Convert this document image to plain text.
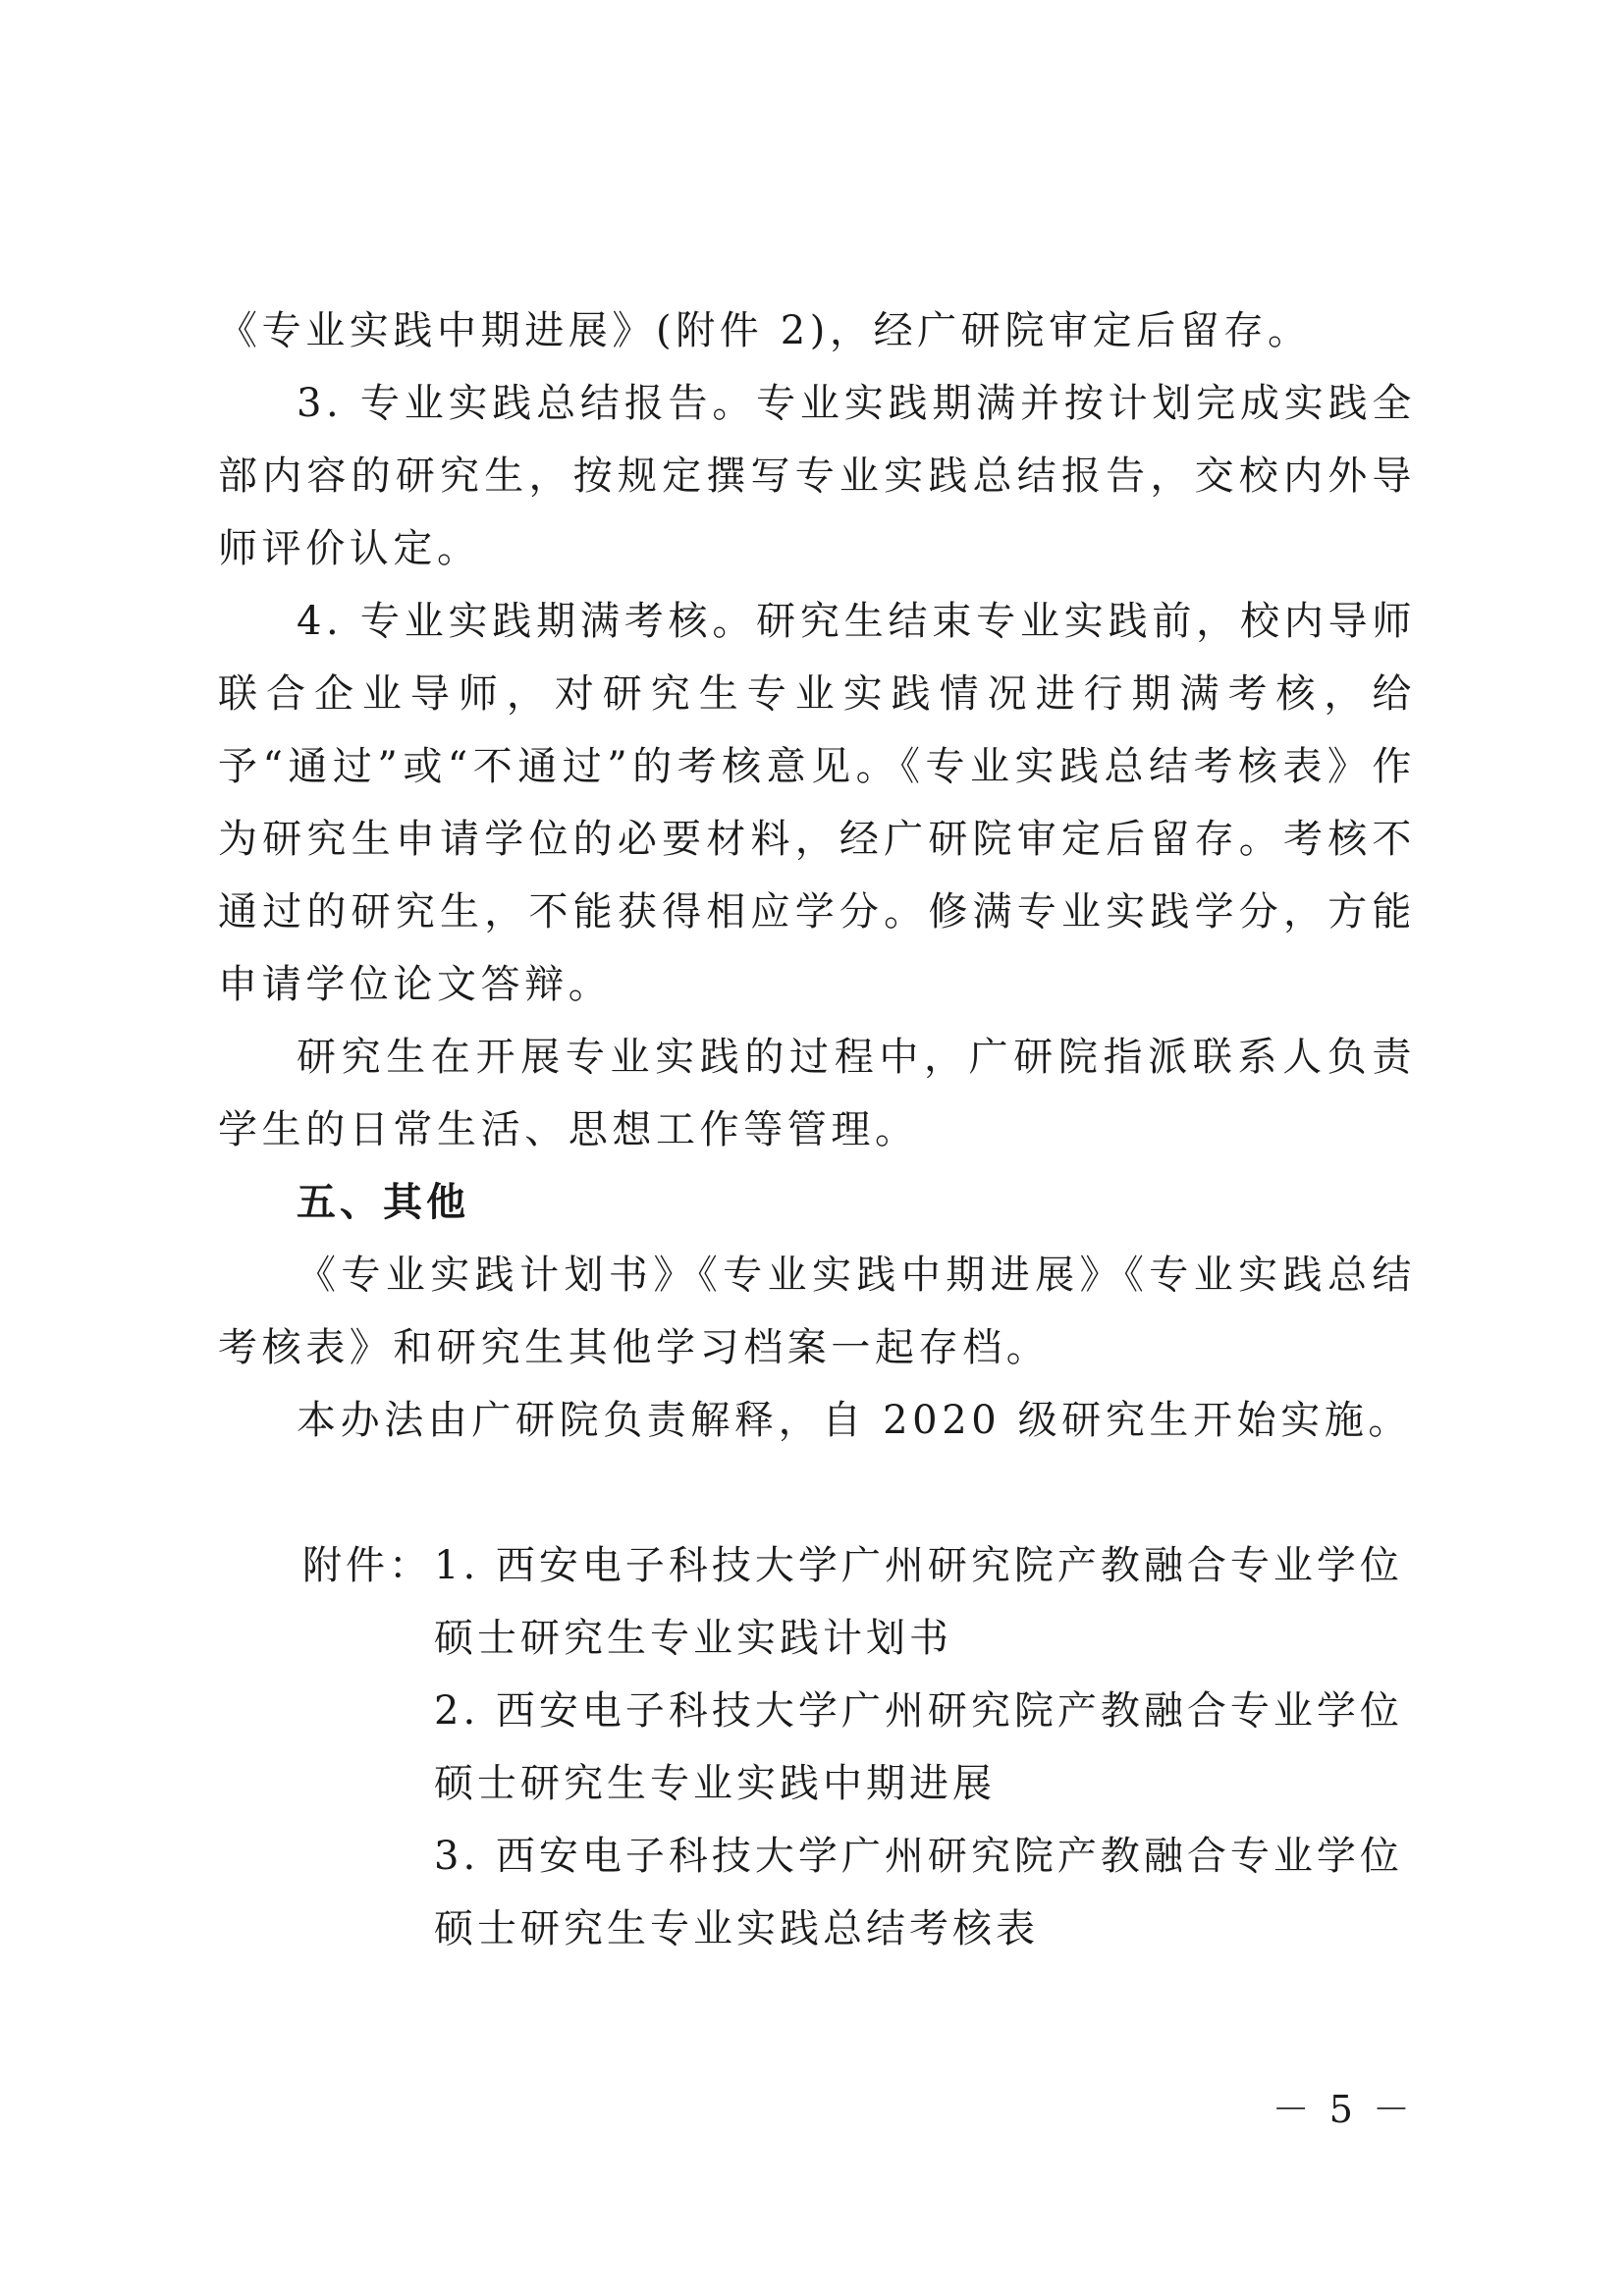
《专业实践中期进展》(附件 2)，经广研院审定后留存。

3. 专业实践总结报告。专业实践期满并按计划完成实践全部内容的研究生，按规定撰写专业实践总结报告，交校内外导师评价认定。

4. 专业实践期满考核。研究生结束专业实践前，校内导师联合企业导师，对研究生专业实践情况进行期满考核，给予“通过”或“不通过”的考核意见。《专业实践总结考核表》作为研究生申请学位的必要材料，经广研院审定后留存。考核不通过的研究生，不能获得相应学分。修满专业实践学分，方能申请学位论文答辩。

研究生在开展专业实践的过程中，广研院指派联系人负责学生的日常生活、思想工作等管理。

五、其他

《专业实践计划书》《专业实践中期进展》《专业实践总结考核表》和研究生其他学习档案一起存档。

本办法由广研院负责解释，自 2020 级研究生开始实施。

附件： 1. 西安电子科技大学广州研究院产教融合专业学位
硕士研究生专业实践计划书
2. 西安电子科技大学广州研究院产教融合专业学位
硕士研究生专业实践中期进展
3. 西安电子科技大学广州研究院产教融合专业学位
硕士研究生专业实践总结考核表
－ 5 －
